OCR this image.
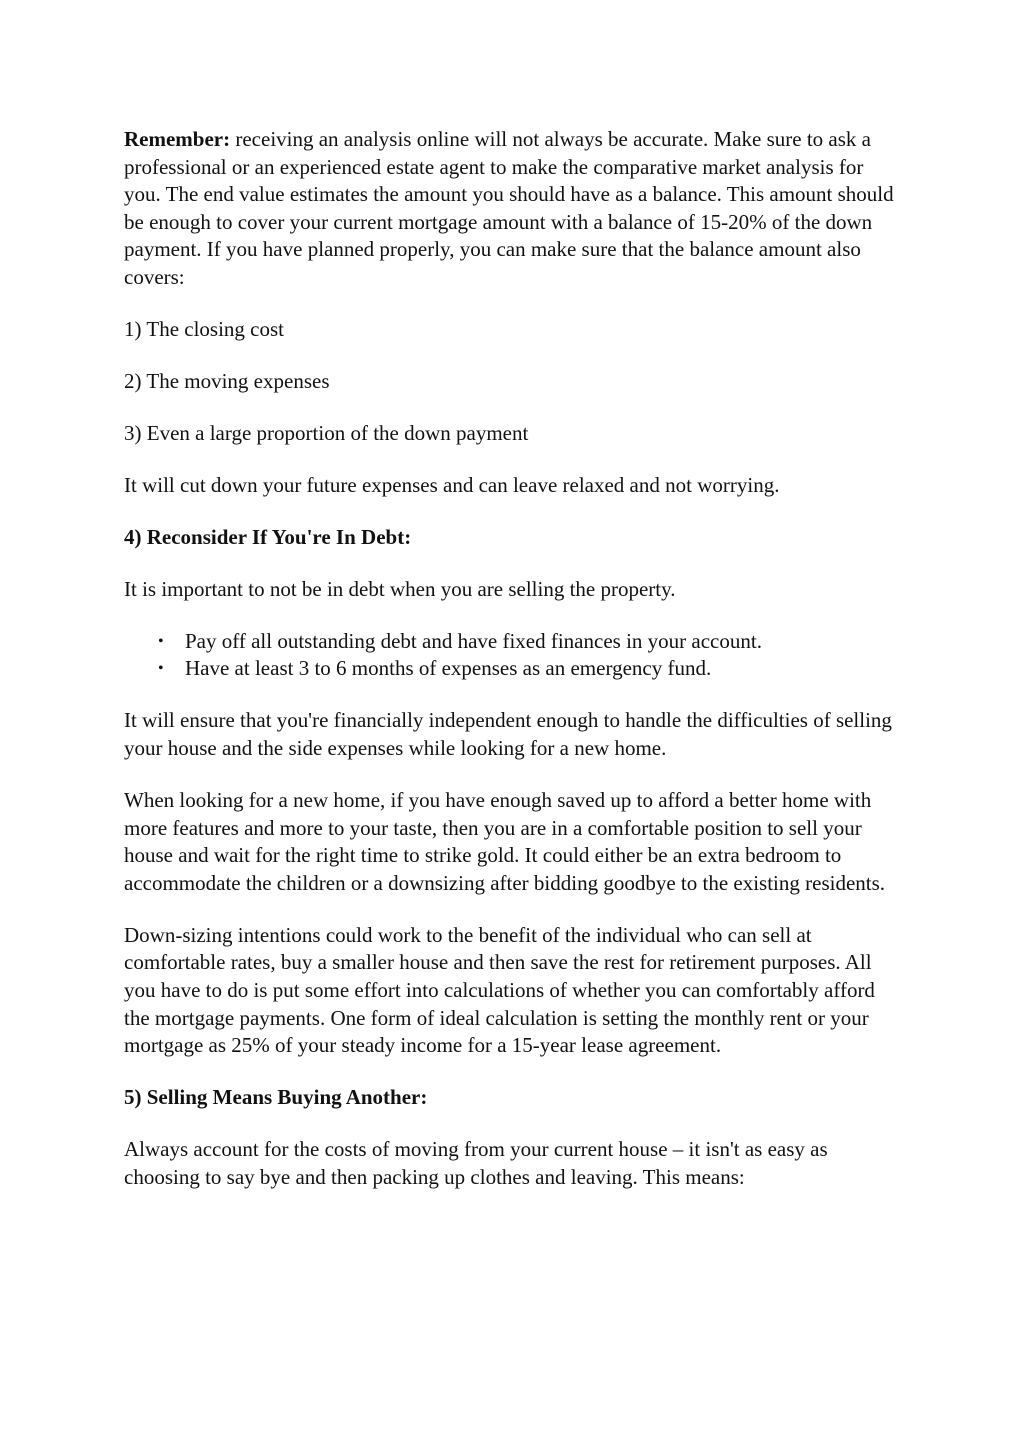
Remember: receiving an analysis online will not always be accurate. Make sure to ask a professional or an experienced estate agent to make the comparative market analysis for you. The end value estimates the amount you should have as a balance. This amount should be enough to cover your current mortgage amount with a balance of 15-20% of the down payment. If you have planned properly, you can make sure that the balance amount also covers:

1) The closing cost

2) The moving expenses

3) Even a large proportion of the down payment

It will cut down your future expenses and can leave relaxed and not worrying.

4) Reconsider If You're In Debt:

It is important to not be in debt when you are selling the property.

• Pay off all outstanding debt and have fixed finances in your account.
• Have at least 3 to 6 months of expenses as an emergency fund.

It will ensure that you're financially independent enough to handle the difficulties of selling your house and the side expenses while looking for a new home.

When looking for a new home, if you have enough saved up to afford a better home with more features and more to your taste, then you are in a comfortable position to sell your house and wait for the right time to strike gold. It could either be an extra bedroom to accommodate the children or a downsizing after bidding goodbye to the existing residents.

Down-sizing intentions could work to the benefit of the individual who can sell at comfortable rates, buy a smaller house and then save the rest for retirement purposes. All you have to do is put some effort into calculations of whether you can comfortably afford the mortgage payments. One form of ideal calculation is setting the monthly rent or your mortgage as 25% of your steady income for a 15-year lease agreement.

5) Selling Means Buying Another:

Always account for the costs of moving from your current house – it isn't as easy as choosing to say bye and then packing up clothes and leaving. This means:
